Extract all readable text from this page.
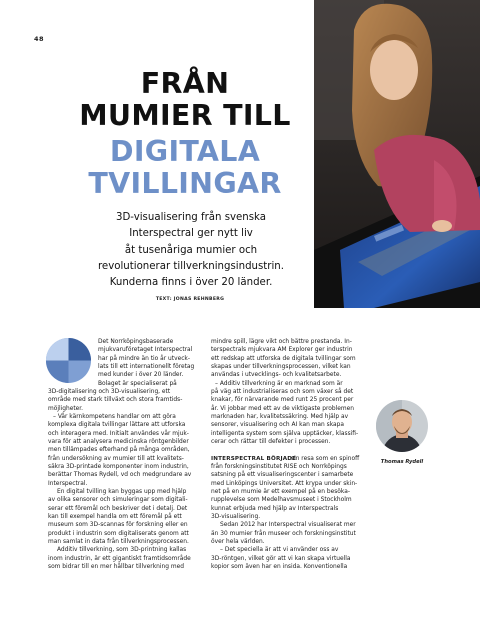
48
FRÅN
MUMIER TILL
DIGITALA
TVILLINGAR
3D-visualisering från svenska
Interspectral ger nytt liv
åt tusenåriga mumier och
revolutionerar tillverkningsindustrin.
Kunderna finns i över 20 länder.
TEXT: JONAS REHNBERG
Thomas Rydell
Det Norrköpingsbaserade
mjukvaruföretaget Interspectral
har på mindre än tio år utveck-
lats till ett internationellt företag
med kunder i över 20 länder.
Bolaget är specialiserat på
3D-digitalisering och 3D-visualisering, ett
område med stark tillväxt och stora framtids-
möjligheter.
– Vår kärnkompetens handlar om att göra
komplexa digitala tvillingar lättare att utforska
och interagera med. Initialt användes vår mjuk-
vara för att analysera medicinska röntgenbilder
men tillämpades efterhand på många områden,
från undersökning av mumier till att kvalitets-
säkra 3D-printade komponenter inom industrin,
berättar Thomas Rydell, vd och medgrundare av
Interspectral.
En digital tvilling kan byggas upp med hjälp
av olika sensorer och simuleringar som digitali-
serar ett föremål och beskriver det i detalj. Det
kan till exempel handla om ett föremål på ett
museum som 3D-scannas för forskning eller en
produkt i industrin som digitaliserats genom att
man samlat in data från tillverkningsprocessen.
Additiv tillverkning, som 3D-printning kallas
inom industrin, är ett gigantiskt framtidsområde
som bidrar till en mer hållbar tillverkning med
mindre spill, lägre vikt och bättre prestanda. In-
terspectrals mjukvara AM Explorer ger industrin
ett redskap att utforska de digitala tvillingar som
skapas under tillverkningsprocessen, vilket kan
användas i utvecklings- och kvalitetsarbete.
– Additiv tillverkning är en marknad som är
på väg att industrialiseras och som växer så det
knakar, för närvarande med runt 25 procent per
år. Vi jobbar med ett av de viktigaste problemen
marknaden har, kvalitetssäkring. Med hjälp av
sensorer, visualisering och AI kan man skapa
intelligenta system som själva upptäcker, klassifi-
cerar och rättar till defekter i processen.
INTERSPECTRAL BÖRJADE
sin resa som en spinoff
från forskningsinstitutet RISE och Norrköpings
satsning på ett visualiseringscenter i samarbete
med Linköpings Universitet. Att krypa under skin-
net på en mumie är ett exempel på en besöka-
rupplevelse som Medelhavsmuseet i Stockholm
kunnat erbjuda med hjälp av Interspectrals
3D-visualisering.
Sedan 2012 har Interspectral visualiserat mer
än 30 mumier från museer och forskningsinstitut
över hela världen.
– Det speciella är att vi använder oss av
3D-röntgen, vilket gör att vi kan skapa virtuella
kopior som även har en insida. Konventionella
